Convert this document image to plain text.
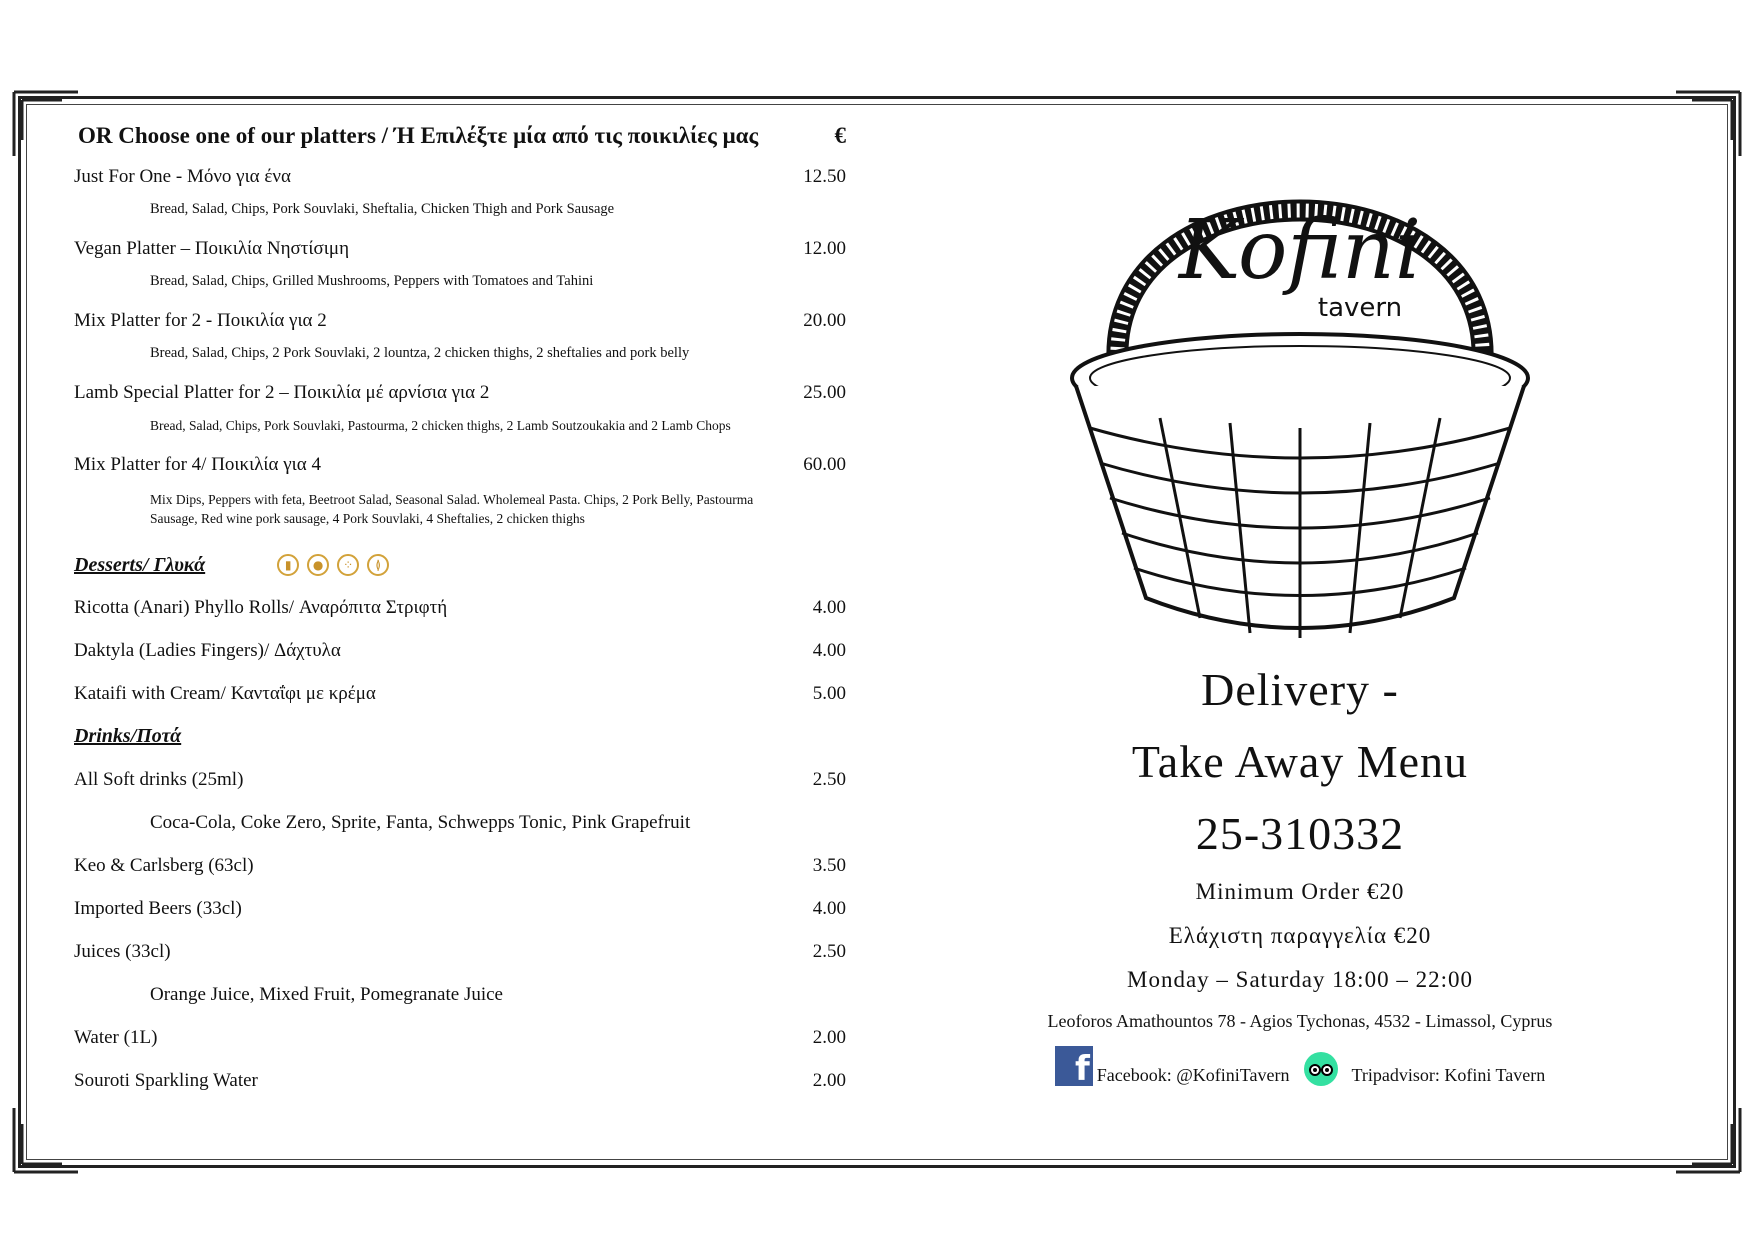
OR Choose one of our platters / Ή Επιλέξτε μία από τις ποικιλίες μας	€
Just For One - Μόνο για ένα	12.50
Bread, Salad, Chips, Pork Souvlaki, Sheftalia, Chicken Thigh and Pork Sausage
Vegan Platter – Ποικιλία Νηστίσιμη	12.00
Bread, Salad, Chips, Grilled Mushrooms, Peppers with Tomatoes and Tahini
Mix Platter for 2 - Ποικιλία για 2	20.00
Bread, Salad, Chips, 2 Pork Souvlaki, 2 lountza, 2 chicken thighs, 2 sheftalies and pork belly
Lamb Special Platter for 2 – Ποικιλία μέ αρνίσια για 2	25.00
Bread, Salad, Chips, Pork Souvlaki, Pastourma, 2 chicken thighs, 2 Lamb Soutzoukakia and 2 Lamb Chops
Mix Platter for 4/ Ποικιλία για 4	60.00
Mix Dips, Peppers with feta, Beetroot Salad, Seasonal Salad. Wholemeal Pasta. Chips, 2 Pork Belly, Pastourma Sausage, Red wine pork sausage, 4 Pork Souvlaki, 4 Sheftalies, 2 chicken thighs
Desserts/ Γλυκά	▮	●	⁘	≬
Ricotta (Anari) Phyllo Rolls/ Αναρόπιτα Στριφτή	4.00
Daktyla (Ladies Fingers)/ Δάχτυλα	4.00
Kataifi with Cream/ Κανταΐφι με κρέμα	5.00
Drinks/Ποτά
All Soft drinks (25ml)	2.50
Coca-Cola, Coke Zero, Sprite, Fanta, Schwepps Tonic, Pink Grapefruit
Keo & Carlsberg (63cl)	3.50
Imported Beers (33cl)	4.00
Juices (33cl)	2.50
Orange Juice, Mixed Fruit, Pomegranate Juice
Water (1L)	2.00
Souroti Sparkling Water	2.00
Kofini
tavern
Delivery -
Take Away Menu
25-310332
Minimum Order €20
Ελάχιστη παραγγελία €20
Monday – Saturday 18:00 – 22:00
Leoforos Amathountos 78 - Agios Tychonas, 4532 - Limassol, Cyprus
f Facebook: @KofiniTavern	Tripadvisor: Kofini Tavern
